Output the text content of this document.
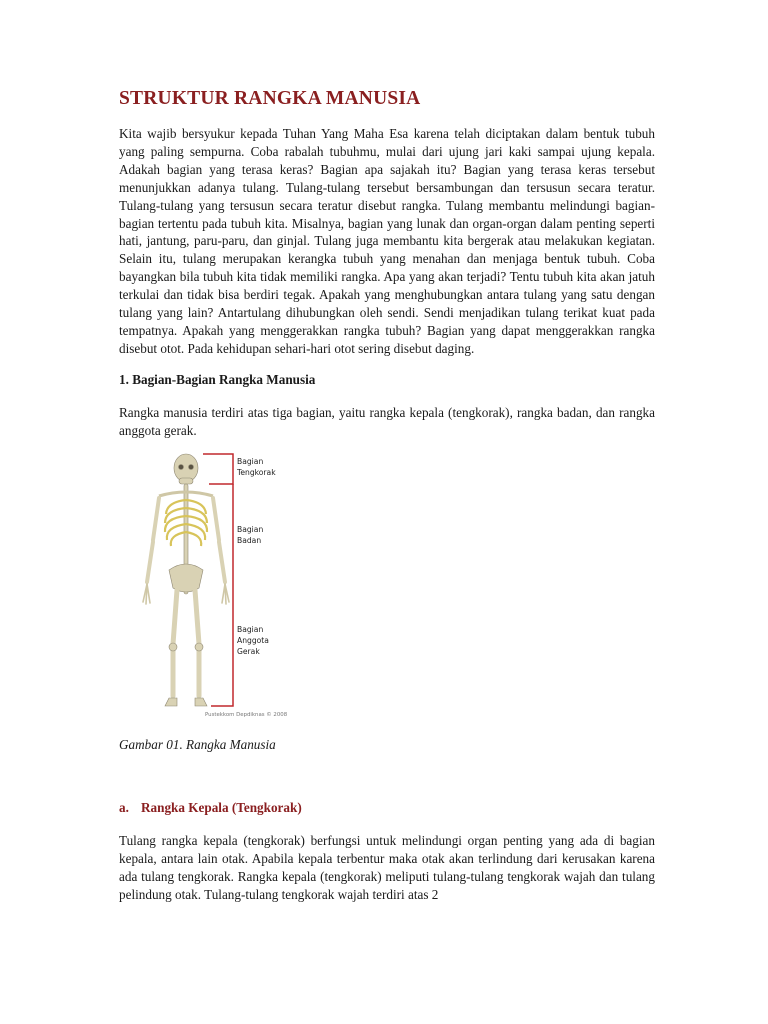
STRUKTUR RANGKA MANUSIA

Kita wajib bersyukur kepada Tuhan Yang Maha Esa karena telah diciptakan dalam bentuk tubuh yang paling sempurna. Coba rabalah tubuhmu, mulai dari ujung jari kaki sampai ujung kepala. Adakah bagian yang terasa keras? Bagian apa sajakah itu? Bagian yang terasa keras tersebut menunjukkan adanya tulang. Tulang-tulang tersebut bersambungan dan tersusun secara teratur. Tulang-tulang yang tersusun secara teratur disebut rangka. Tulang membantu melindungi bagian-bagian tertentu pada tubuh kita. Misalnya, bagian yang lunak dan organ-organ dalam penting seperti hati, jantung, paru-paru, dan ginjal. Tulang juga membantu kita bergerak atau melakukan kegiatan. Selain itu, tulang merupakan kerangka tubuh yang menahan dan menjaga bentuk tubuh. Coba bayangkan bila tubuh kita tidak memiliki rangka. Apa yang akan terjadi? Tentu tubuh kita akan jatuh terkulai dan tidak bisa berdiri tegak. Apakah yang menghubungkan antara tulang yang satu dengan tulang yang lain? Antartulang dihubungkan oleh sendi. Sendi menjadikan tulang terikat kuat pada tempatnya. Apakah yang menggerakkan rangka tubuh? Bagian yang dapat menggerakkan rangka disebut otot. Pada kehidupan sehari-hari otot sering disebut daging.

1. Bagian-Bagian Rangka Manusia

Rangka manusia terdiri atas tiga bagian, yaitu rangka kepala (tengkorak), rangka badan, dan rangka anggota gerak.

Bagian
Tengkorak
Bagian
Badan
Bagian
Anggota
Gerak
Pustekkom Depdiknas © 2008

Gambar 01. Rangka Manusia

a. Rangka Kepala (Tengkorak)

Tulang rangka kepala (tengkorak) berfungsi untuk melindungi organ penting yang ada di bagian kepala, antara lain otak. Apabila kepala terbentur maka otak akan terlindung dari kerusakan karena ada tulang tengkorak. Rangka kepala (tengkorak) meliputi tulang-tulang tengkorak wajah dan tulang pelindung otak. Tulang-tulang tengkorak wajah terdiri atas 2
